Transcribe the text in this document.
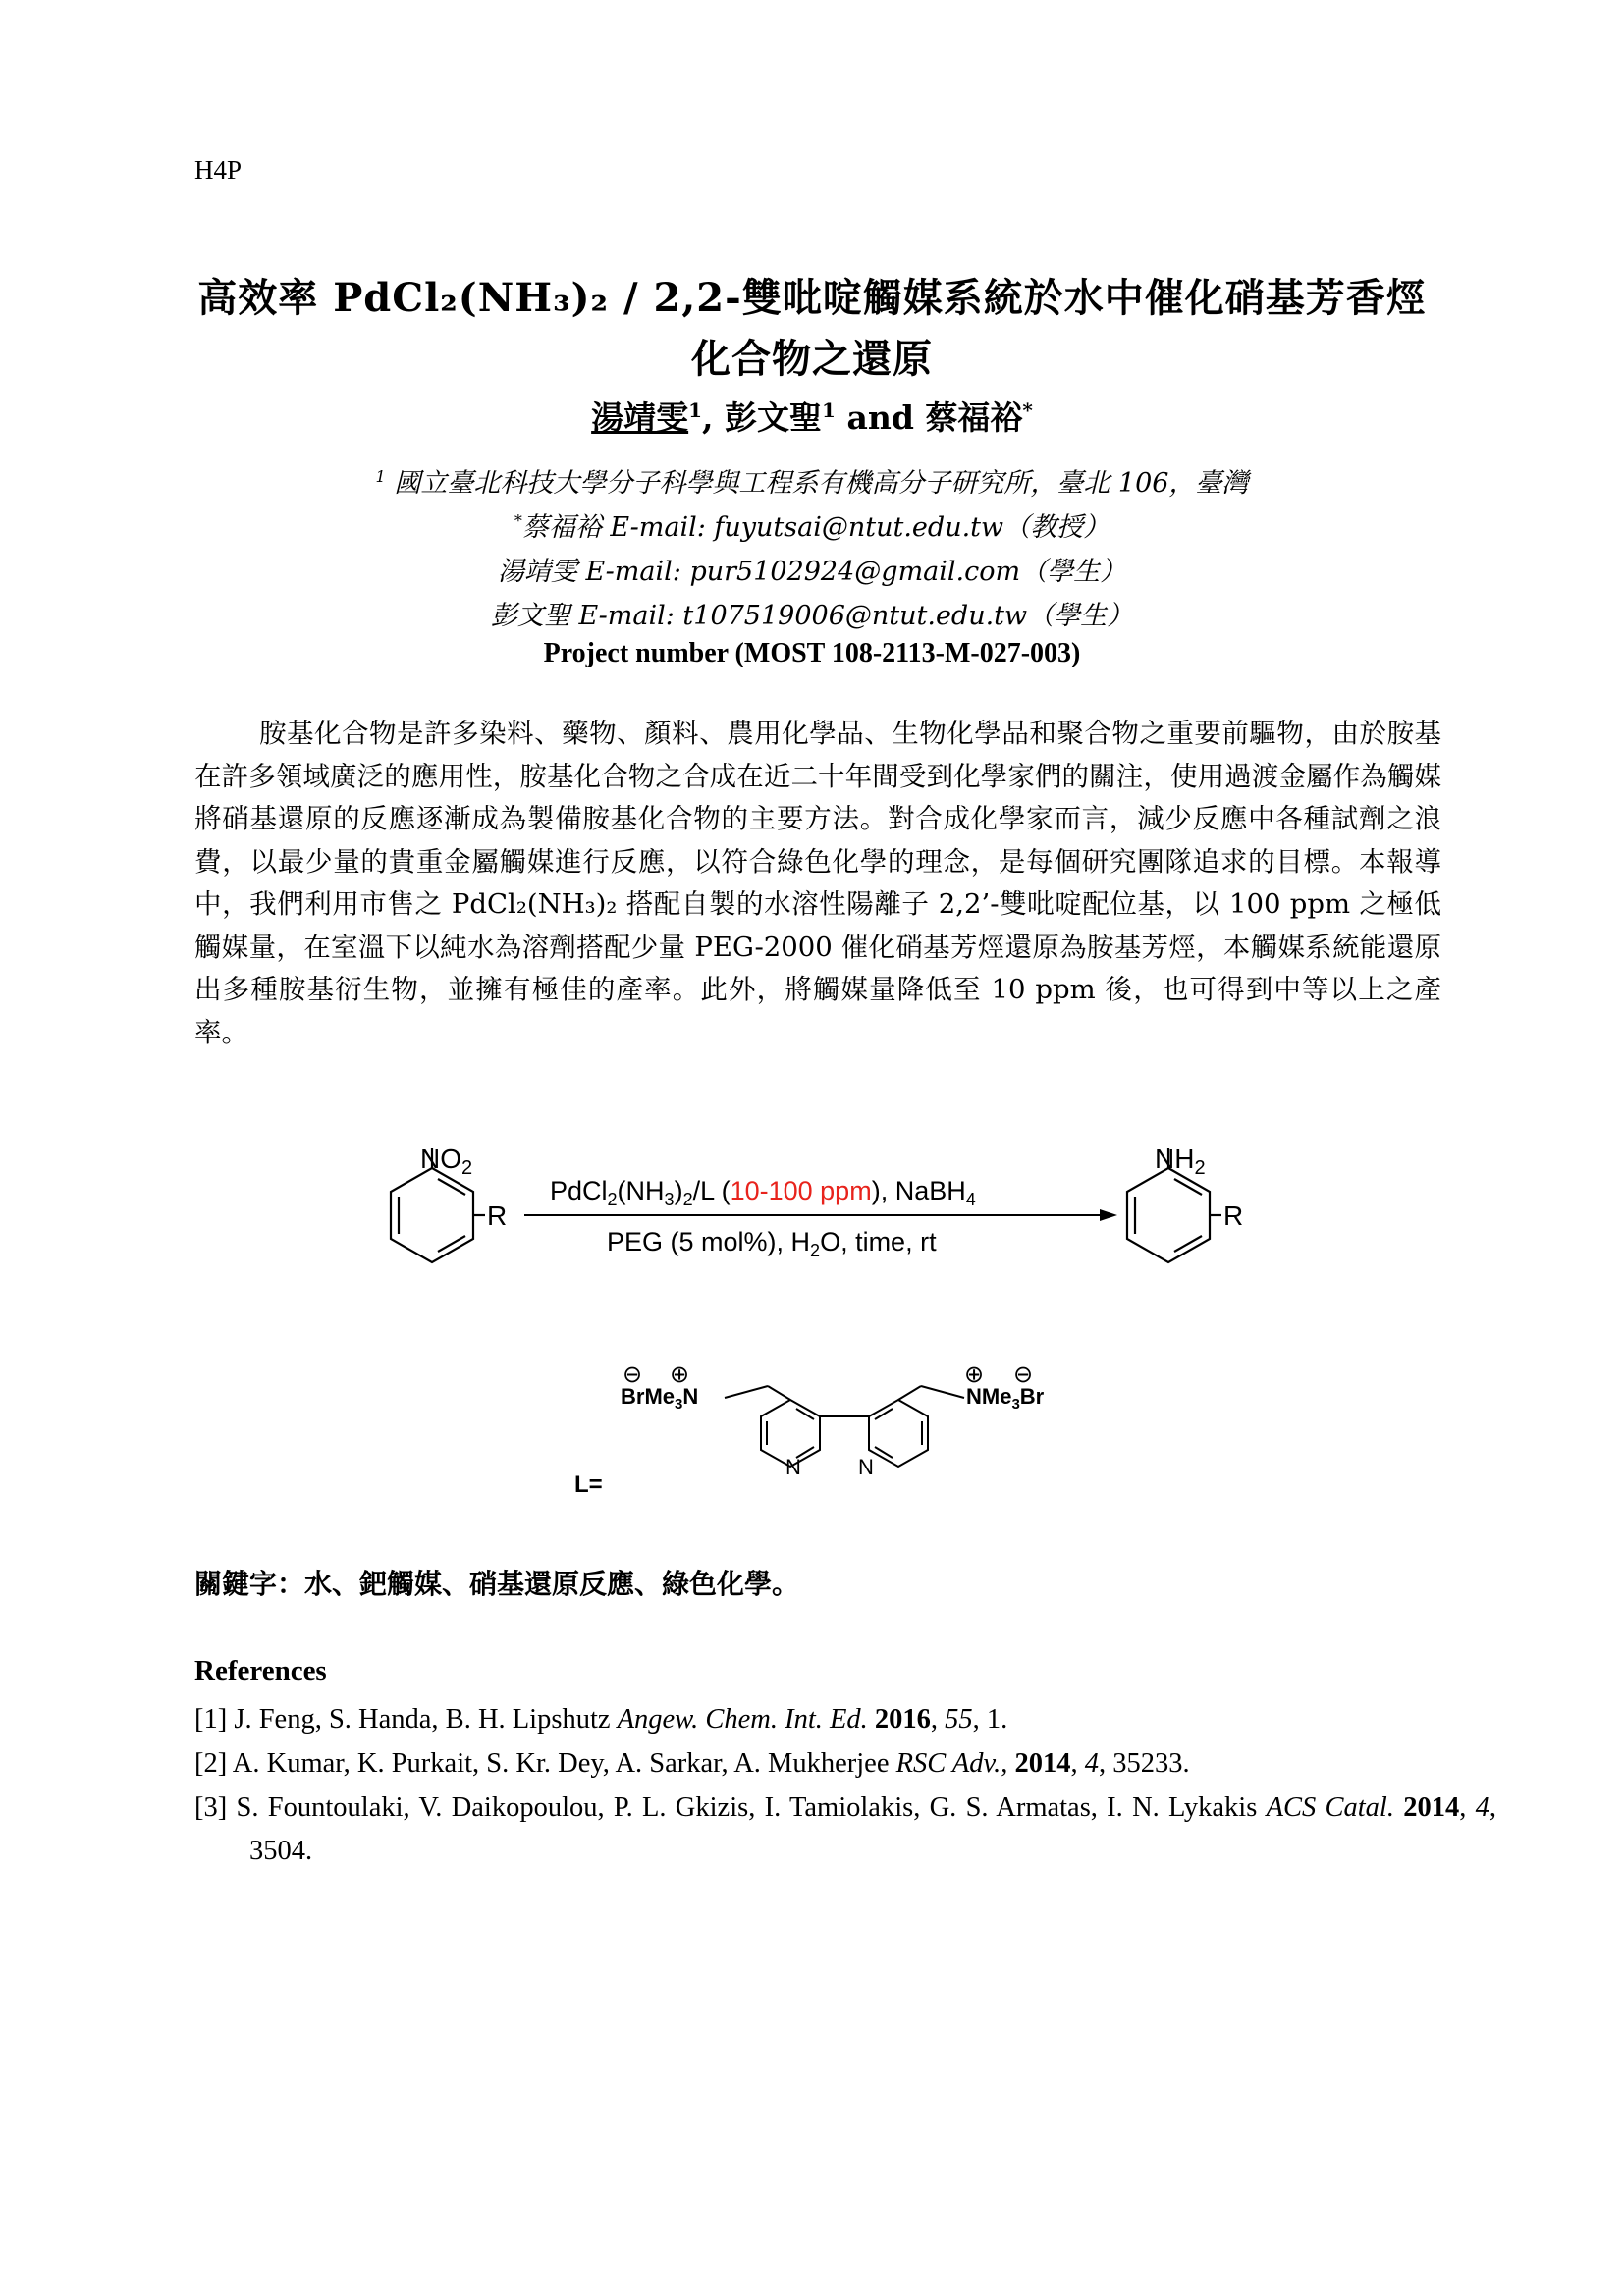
H4P
高效率 PdCl₂(NH₃)₂ / 2,2-雙吡啶觸媒系統於水中催化硝基芳香烴
化合物之還原
湯靖雯$^1$, 彭文聖$^1$ and 蔡福裕*
$^1$ 國立臺北科技大學分子科學與工程系有機高分子研究所，臺北 106，臺灣
*蔡福裕 E-mail: fuyutsai@ntut.edu.tw（教授）
湯靖雯 E-mail: pur5102924@gmail.com（學生）
彭文聖 E-mail: t107519006@ntut.edu.tw（學生）
Project number (MOST 108-2113-M-027-003)
胺基化合物是許多染料、藥物、顏料、農用化學品、生物化學品和聚合物之重要前驅物，由於胺基在許多領域廣泛的應用性，胺基化合物之合成在近二十年間受到化學家們的關注，使用過渡金屬作為觸媒將硝基還原的反應逐漸成為製備胺基化合物的主要方法。對合成化學家而言，減少反應中各種試劑之浪費，以最少量的貴重金屬觸媒進行反應，以符合綠色化學的理念，是每個研究團隊追求的目標。本報導中，我們利用市售之 PdCl₂(NH₃)₂ 搭配自製的水溶性陽離子 2,2’-雙吡啶配位基，以 100 ppm 之極低觸媒量，在室溫下以純水為溶劑搭配少量 PEG-2000 催化硝基芳烴還原為胺基芳烴，本觸媒系統能還原出多種胺基衍生物，並擁有極佳的產率。此外，將觸媒量降低至 10 ppm 後，也可得到中等以上之產率。
$NO_2$
R
$PdCl_2(NH_3)_2/L$ (10-100 ppm), NaBH$_4$
PEG (5 mol%), $H_2O$, time, rt
$NH_2$
R
L=
⊖ ⊕
BrMe$_3$N
⊕ ⊖
NMe$_3$Br
N	N
關鍵字：水、鈀觸媒、硝基還原反應、綠色化學。
References
[1] J. Feng, S. Handa, B. H. Lipshutz Angew. Chem. Int. Ed. 2016, 55, 1.
[2] A. Kumar, K. Purkait, S. Kr. Dey, A. Sarkar, A. Mukherjee RSC Adv., 2014, 4, 35233.
[3] S. Fountoulaki, V. Daikopoulou, P. L. Gkizis, I. Tamiolakis, G. S. Armatas, I. N. Lykakis ACS Catal. 2014, 4, 3504.
